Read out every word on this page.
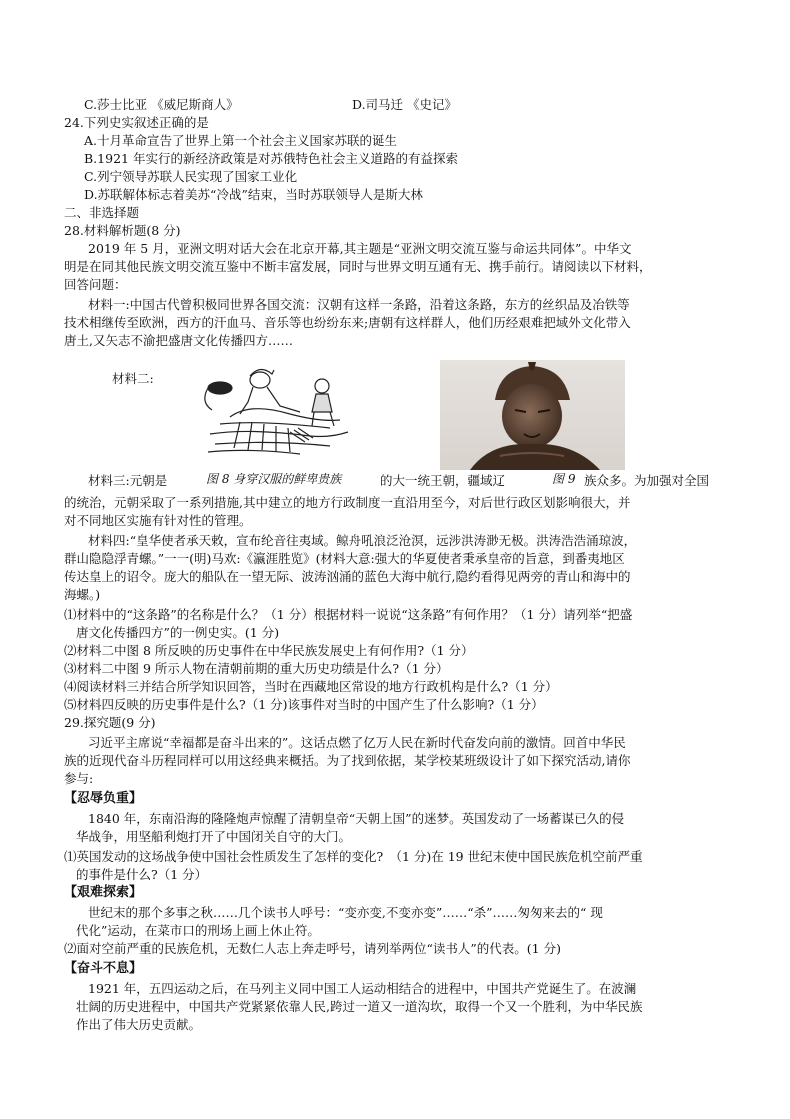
C.莎士比亚 《威尼斯商人》	D.司马迁 《史记》
24.下列史实叙述正确的是
A.十月革命宣告了世界上第一个社会主义国家苏联的诞生
B.1921 年实行的新经济政策是对苏俄特色社会主义道路的有益探索
C.列宁领导苏联人民实现了国家工业化
D.苏联解体标志着美苏“冷战”结束，当时苏联领导人是斯大林
二、非选择题
28.材料解析题(8 分)
2019 年 5 月，亚洲文明对话大会在北京开幕,其主题是“亚洲文明交流互鉴与命运共同体”。中华文
明是在同其他民族文明交流互鉴中不断丰富发展，同时与世界文明互通有无、携手前行。请阅读以下材料，
回答问题：
材料一:中国古代曾积极同世界各国交流：汉朝有这样一条路，沿着这条路，东方的丝织品及冶铁等
技术相继传至欧洲，西方的汗血马、音乐等也纷纷东来;唐朝有这样群人，他们历经艰难把域外文化带入
唐土,又矢志不渝把盛唐文化传播四方……
材料二:
图 8 身穿汉服的鲜卑贵族	图 9
材料三:元朝是	的大一统王朝，疆域辽	族众多。为加强对全国
的统治，元朝采取了一系列措施,其中建立的地方行政制度一直沿用至今，对后世行政区划影响很大，并
对不同地区实施有针对性的管理。
材料四:“皇华使者承天敕，宣布纶音往夷域。鲸舟吼浪泛沧溟，远涉洪涛渺无极。洪涛浩浩涌琼波，
群山隐隐浮青螺。”一一(明)马欢:《瀛涯胜览》(材料大意:强大的华夏使者秉承皇帝的旨意，到番夷地区
传达皇上的诏令。庞大的船队在一望无际、波涛汹涌的蓝色大海中航行,隐约看得见两旁的青山和海中的
海螺。)
⑴材料中的“这条路”的名称是什么？（1 分）根据材料一说说“这条路”有何作用？（1 分）请列举“把盛
唐文化传播四方”的一例史实。(1 分)
⑵材料二中图 8 所反映的历史事件在中华民族发展史上有何作用?（1 分）
⑶材料二中图 9 所示人物在清朝前期的重大历史功绩是什么?（1 分）
⑷阅读材料三并结合所学知识回答，当时在西藏地区常设的地方行政机构是什么?（1 分）
⑸材料四反映的历史事件是什么?（1 分)该事件对当时的中国产生了什么影响?（1 分）
29.探究题(9 分)
习近平主席说“幸福都是奋斗出来的”。这话点燃了亿万人民在新时代奋发向前的激情。回首中华民
族的近现代奋斗历程同样可以用这经典来概括。为了找到依据，某学校某班级设计了如下探究活动,请你
参与:
【忍辱负重】
1840 年，东南沿海的隆隆炮声惊醒了清朝皇帝“天朝上国”的迷梦。英国发动了一场蓄谋已久的侵
华战争，用坚船利炮打开了中国闭关自守的大门。
⑴英国发动的这场战争使中国社会性质发生了怎样的变化?　（1 分)在 19 世纪末使中国民族危机空前严重
的事件是什么?（1 分）
【艰难探索】
世纪末的那个多事之秋……几个读书人呼号：“变亦变,不变亦变”……“杀”……匆匆来去的“ 现
代化”运动，在菜市口的刑场上画上休止符。
⑵面对空前严重的民族危机，无数仁人志上奔走呼号，请列举两位“读书人”的代表。(1 分)
【奋斗不息】
1921 年，五四运动之后，在马列主义同中国工人运动相结合的进程中，中国共产党诞生了。在波澜
壮阔的历史进程中，中国共产党紧紧依靠人民,跨过一道又一道沟坎，取得一个又一个胜利，为中华民族
作出了伟大历史贡献。
